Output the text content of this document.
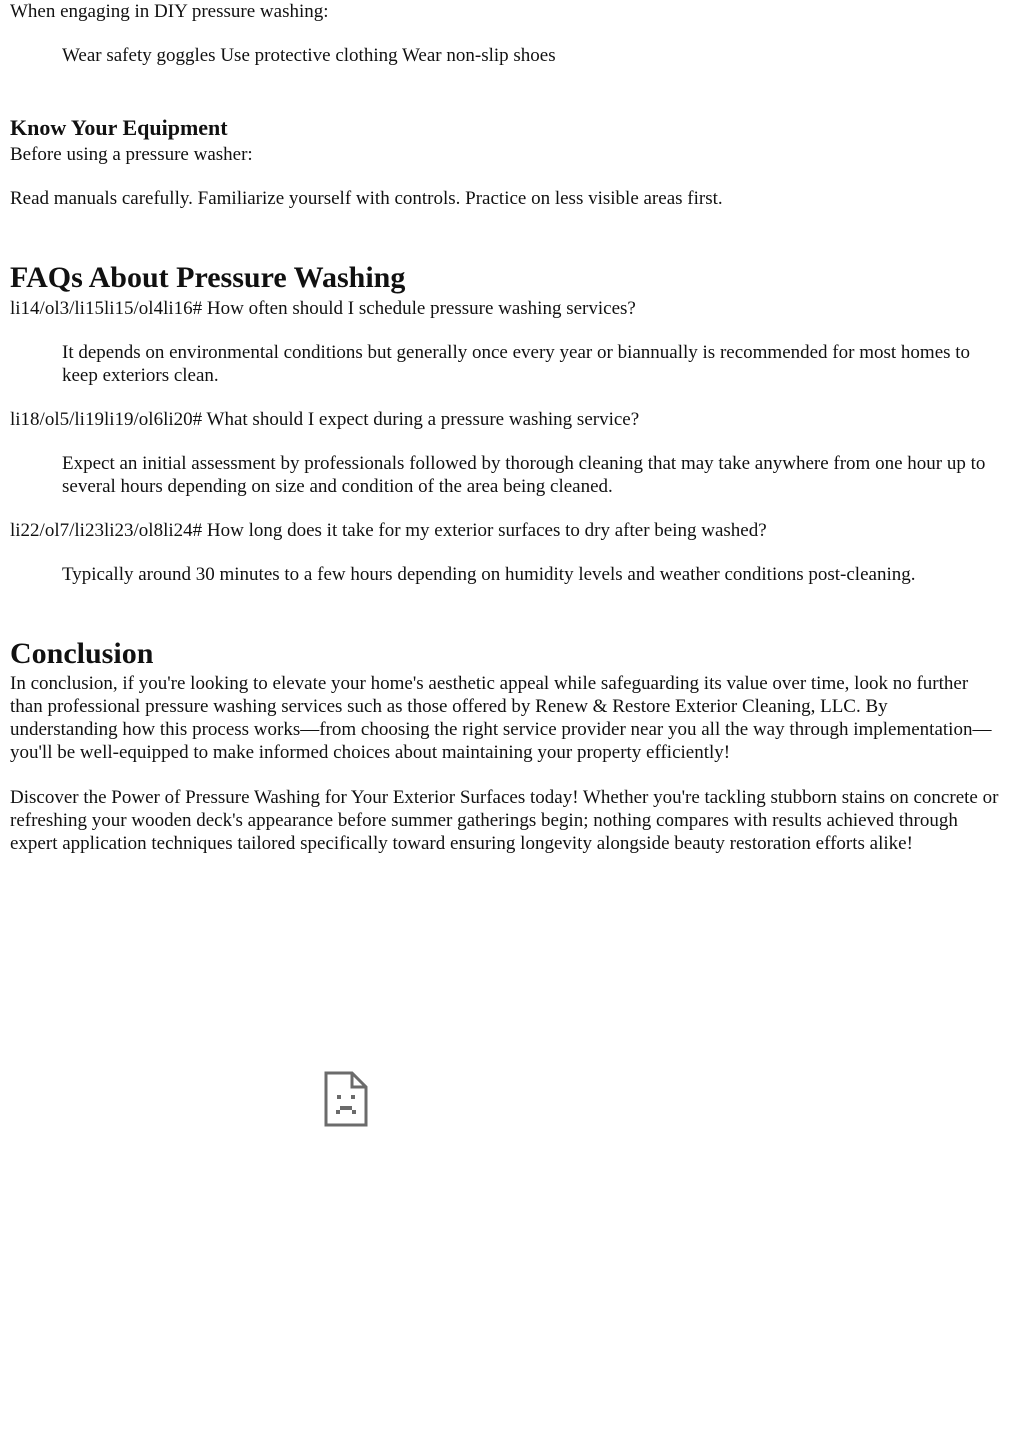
When engaging in DIY pressure washing:

Wear safety goggles Use protective clothing Wear non-slip shoes

Know Your Equipment

Before using a pressure washer:

Read manuals carefully. Familiarize yourself with controls. Practice on less visible areas first.

FAQs About Pressure Washing

li14/ol3/li15li15/ol4li16# How often should I schedule pressure washing services?

It depends on environmental conditions but generally once every year or biannually is recommended for most homes to keep exteriors clean.

li18/ol5/li19li19/ol6li20# What should I expect during a pressure washing service?

Expect an initial assessment by professionals followed by thorough cleaning that may take anywhere from one hour up to several hours depending on size and condition of the area being cleaned.

li22/ol7/li23li23/ol8li24# How long does it take for my exterior surfaces to dry after being washed?

Typically around 30 minutes to a few hours depending on humidity levels and weather conditions post-cleaning.

Conclusion

In conclusion, if you're looking to elevate your home's aesthetic appeal while safeguarding its value over time, look no further than professional pressure washing services such as those offered by Renew & Restore Exterior Cleaning, LLC. By understanding how this process works—from choosing the right service provider near you all the way through implementation—you'll be well-equipped to make informed choices about maintaining your property efficiently!

Discover the Power of Pressure Washing for Your Exterior Surfaces today! Whether you're tackling stubborn stains on concrete or refreshing your wooden deck's appearance before summer gatherings begin; nothing compares with results achieved through expert application techniques tailored specifically toward ensuring longevity alongside beauty restoration efforts alike!
